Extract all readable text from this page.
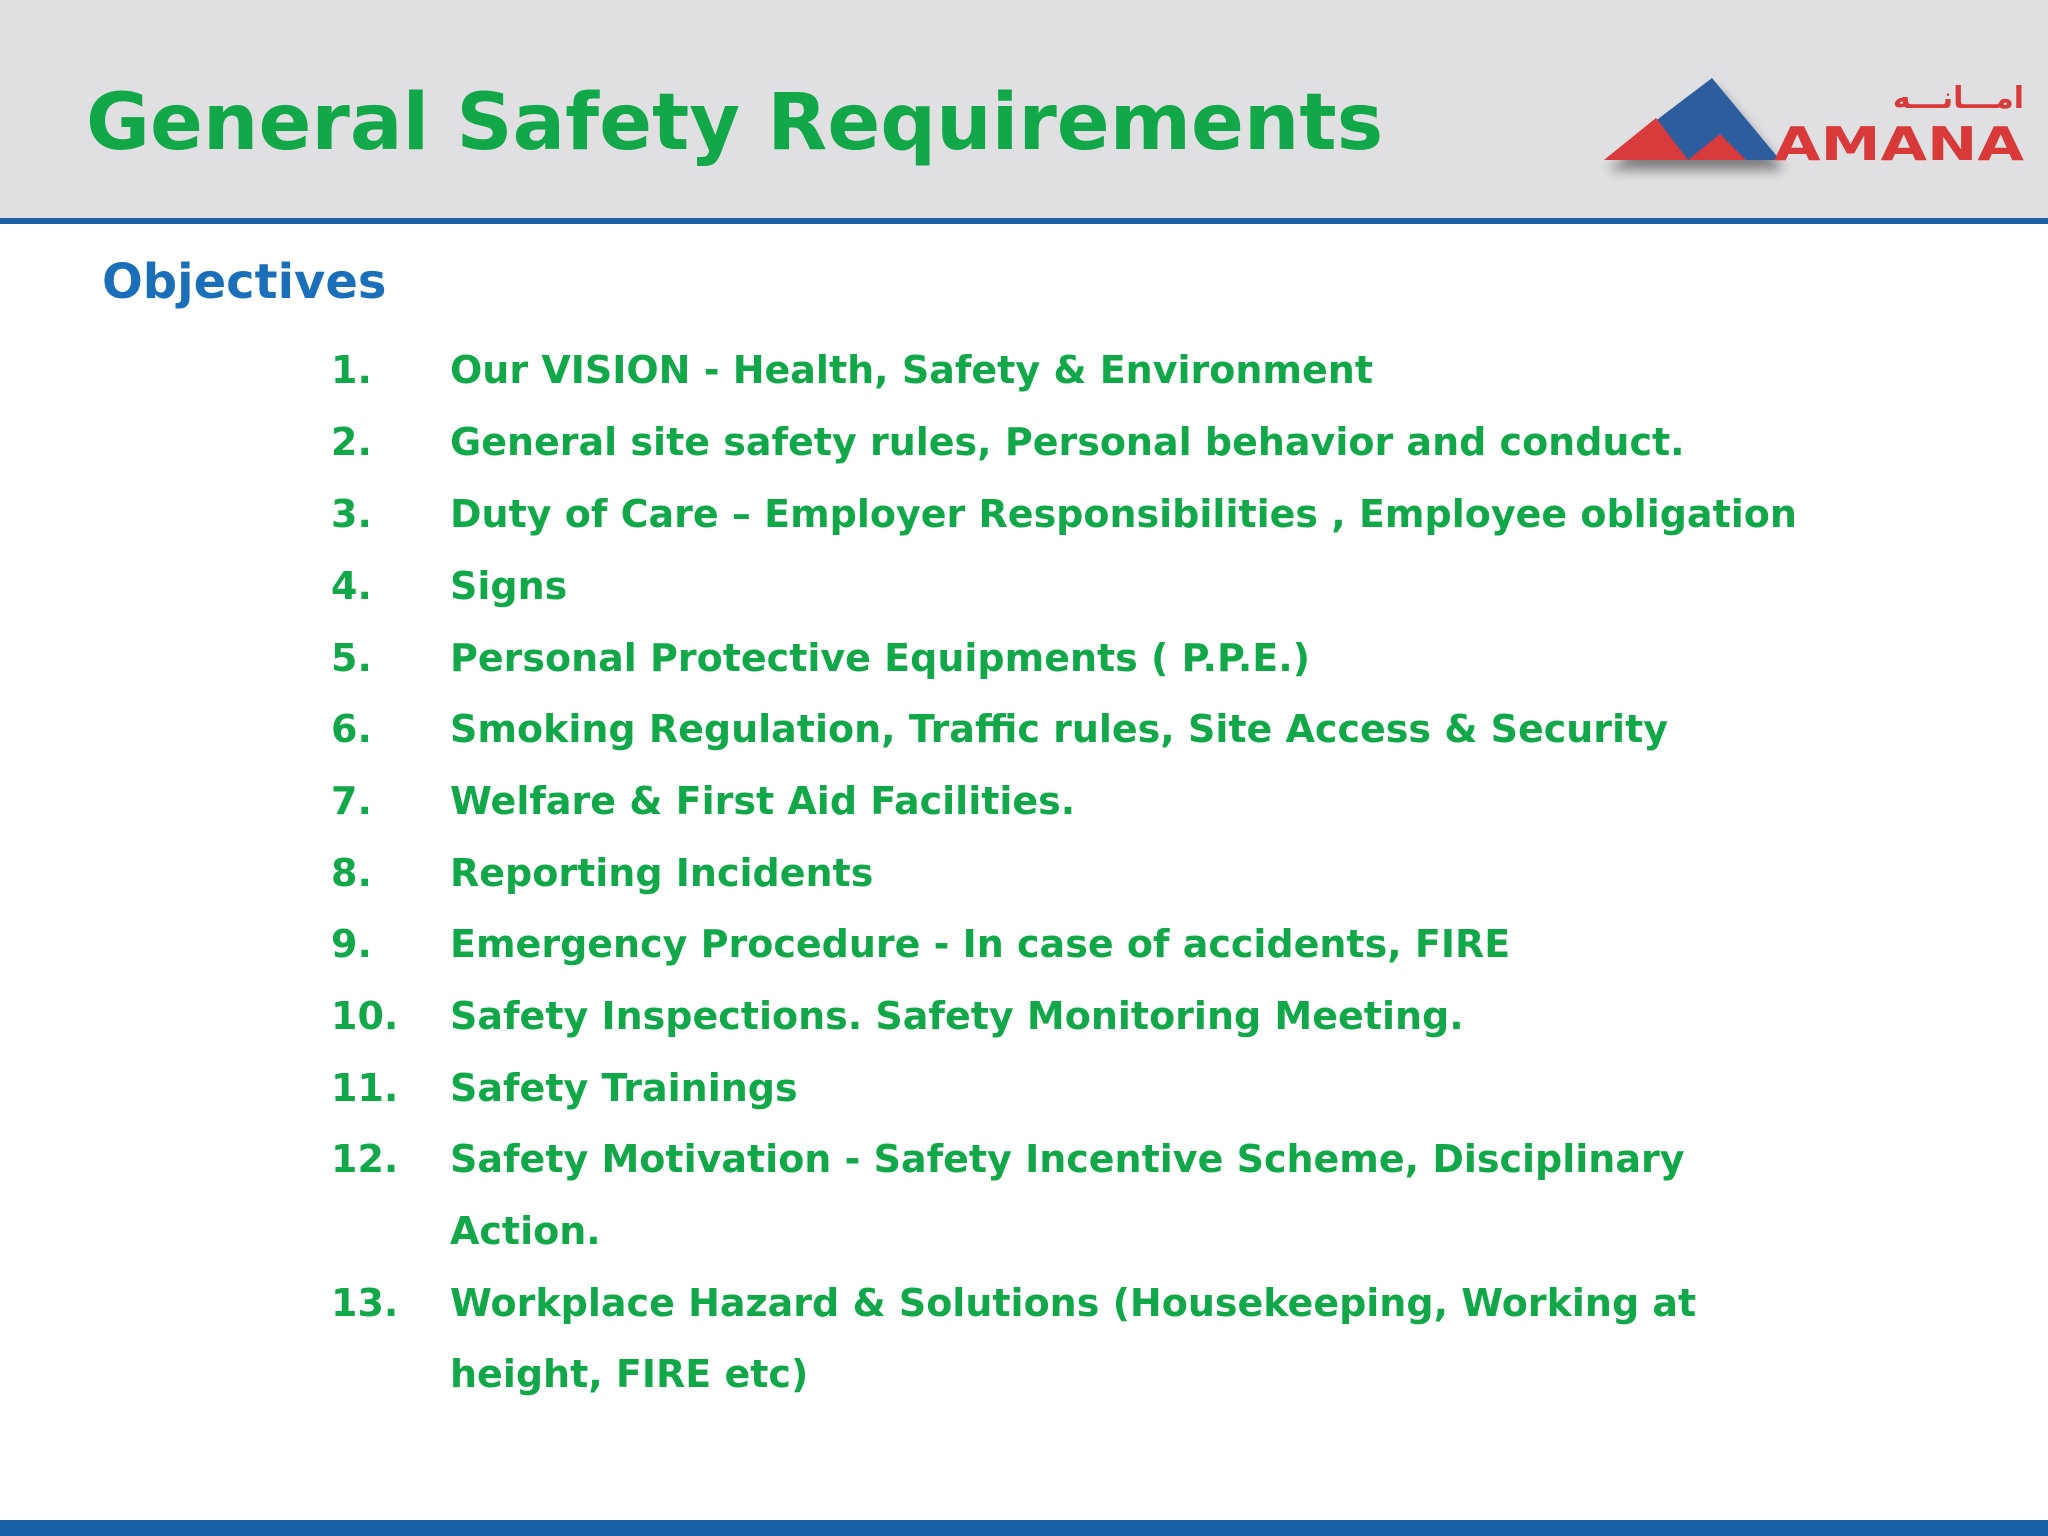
General Safety Requirements	AMANA
امـــانـــه
Objectives
1. Our VISION - Health, Safety & Environment
2. General site safety rules, Personal behavior and conduct.
3. Duty of Care – Employer Responsibilities , Employee obligation
4. Signs
5. Personal Protective Equipments ( P.P.E.)
6. Smoking Regulation, Traffic rules, Site Access & Security
7. Welfare & First Aid Facilities.
8. Reporting Incidents
9. Emergency Procedure - In case of accidents, FIRE
10. Safety Inspections. Safety Monitoring Meeting.
11. Safety Trainings
12. Safety Motivation - Safety Incentive Scheme, Disciplinary
Action.
13. Workplace Hazard & Solutions (Housekeeping, Working at
height, FIRE etc)
